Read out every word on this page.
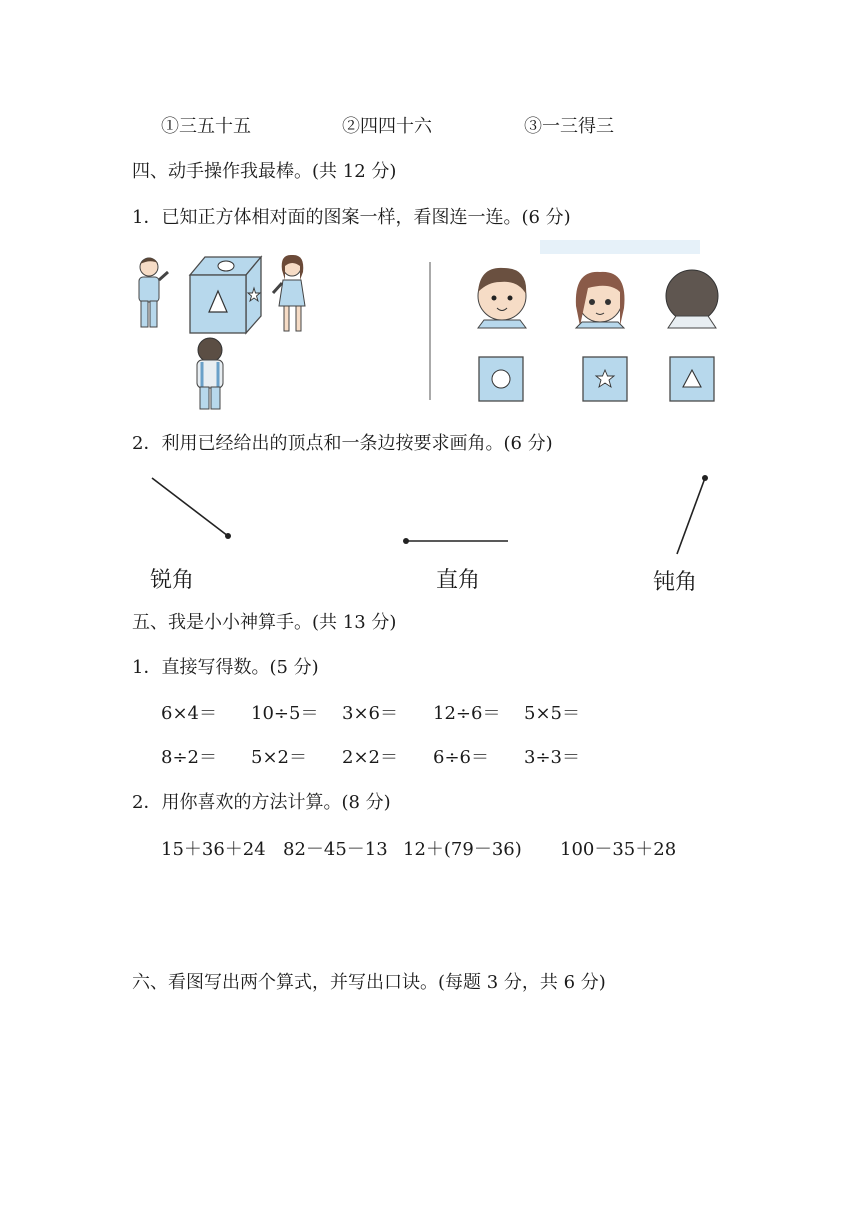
①三五十五	②四四十六	③一三得三
四、动手操作我最棒。(共 12 分)
1．已知正方体相对面的图案一样，看图连一连。(6 分)
2．利用已经给出的顶点和一条边按要求画角。(6 分)
锐角	直角	钝角
五、我是小小神算手。(共 13 分)
1．直接写得数。(5 分)
6×4＝ 10÷5＝ 3×6＝ 12÷6＝ 5×5＝
8÷2＝ 5×2＝ 2×2＝ 6÷6＝ 3÷3＝
2．用你喜欢的方法计算。(8 分)
15＋36＋24 82－45－13 12＋(79－36) 100－35＋28
六、看图写出两个算式，并写出口诀。(每题 3 分，共 6 分)
